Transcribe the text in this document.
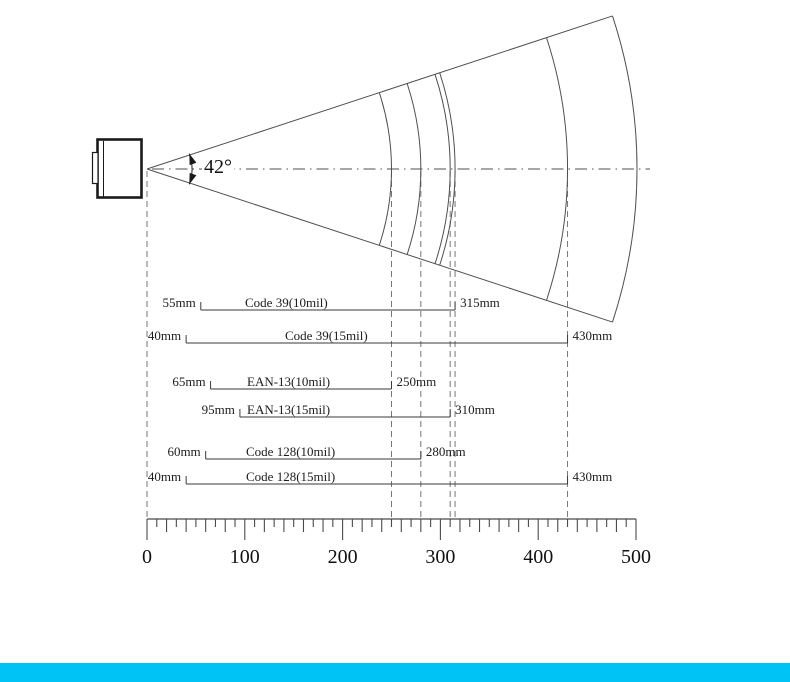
0	100	200	300	400	500
55mm	Code 39(10mil)	315mm
40mm	Code 39(15mil)	430mm
65mm	EAN-13(10mil)	250mm
95mm EAN-13(15mil)	310mm
60mm	Code 128(10mil)	280mm
40mm	Code 128(15mil)	430mm
42°
